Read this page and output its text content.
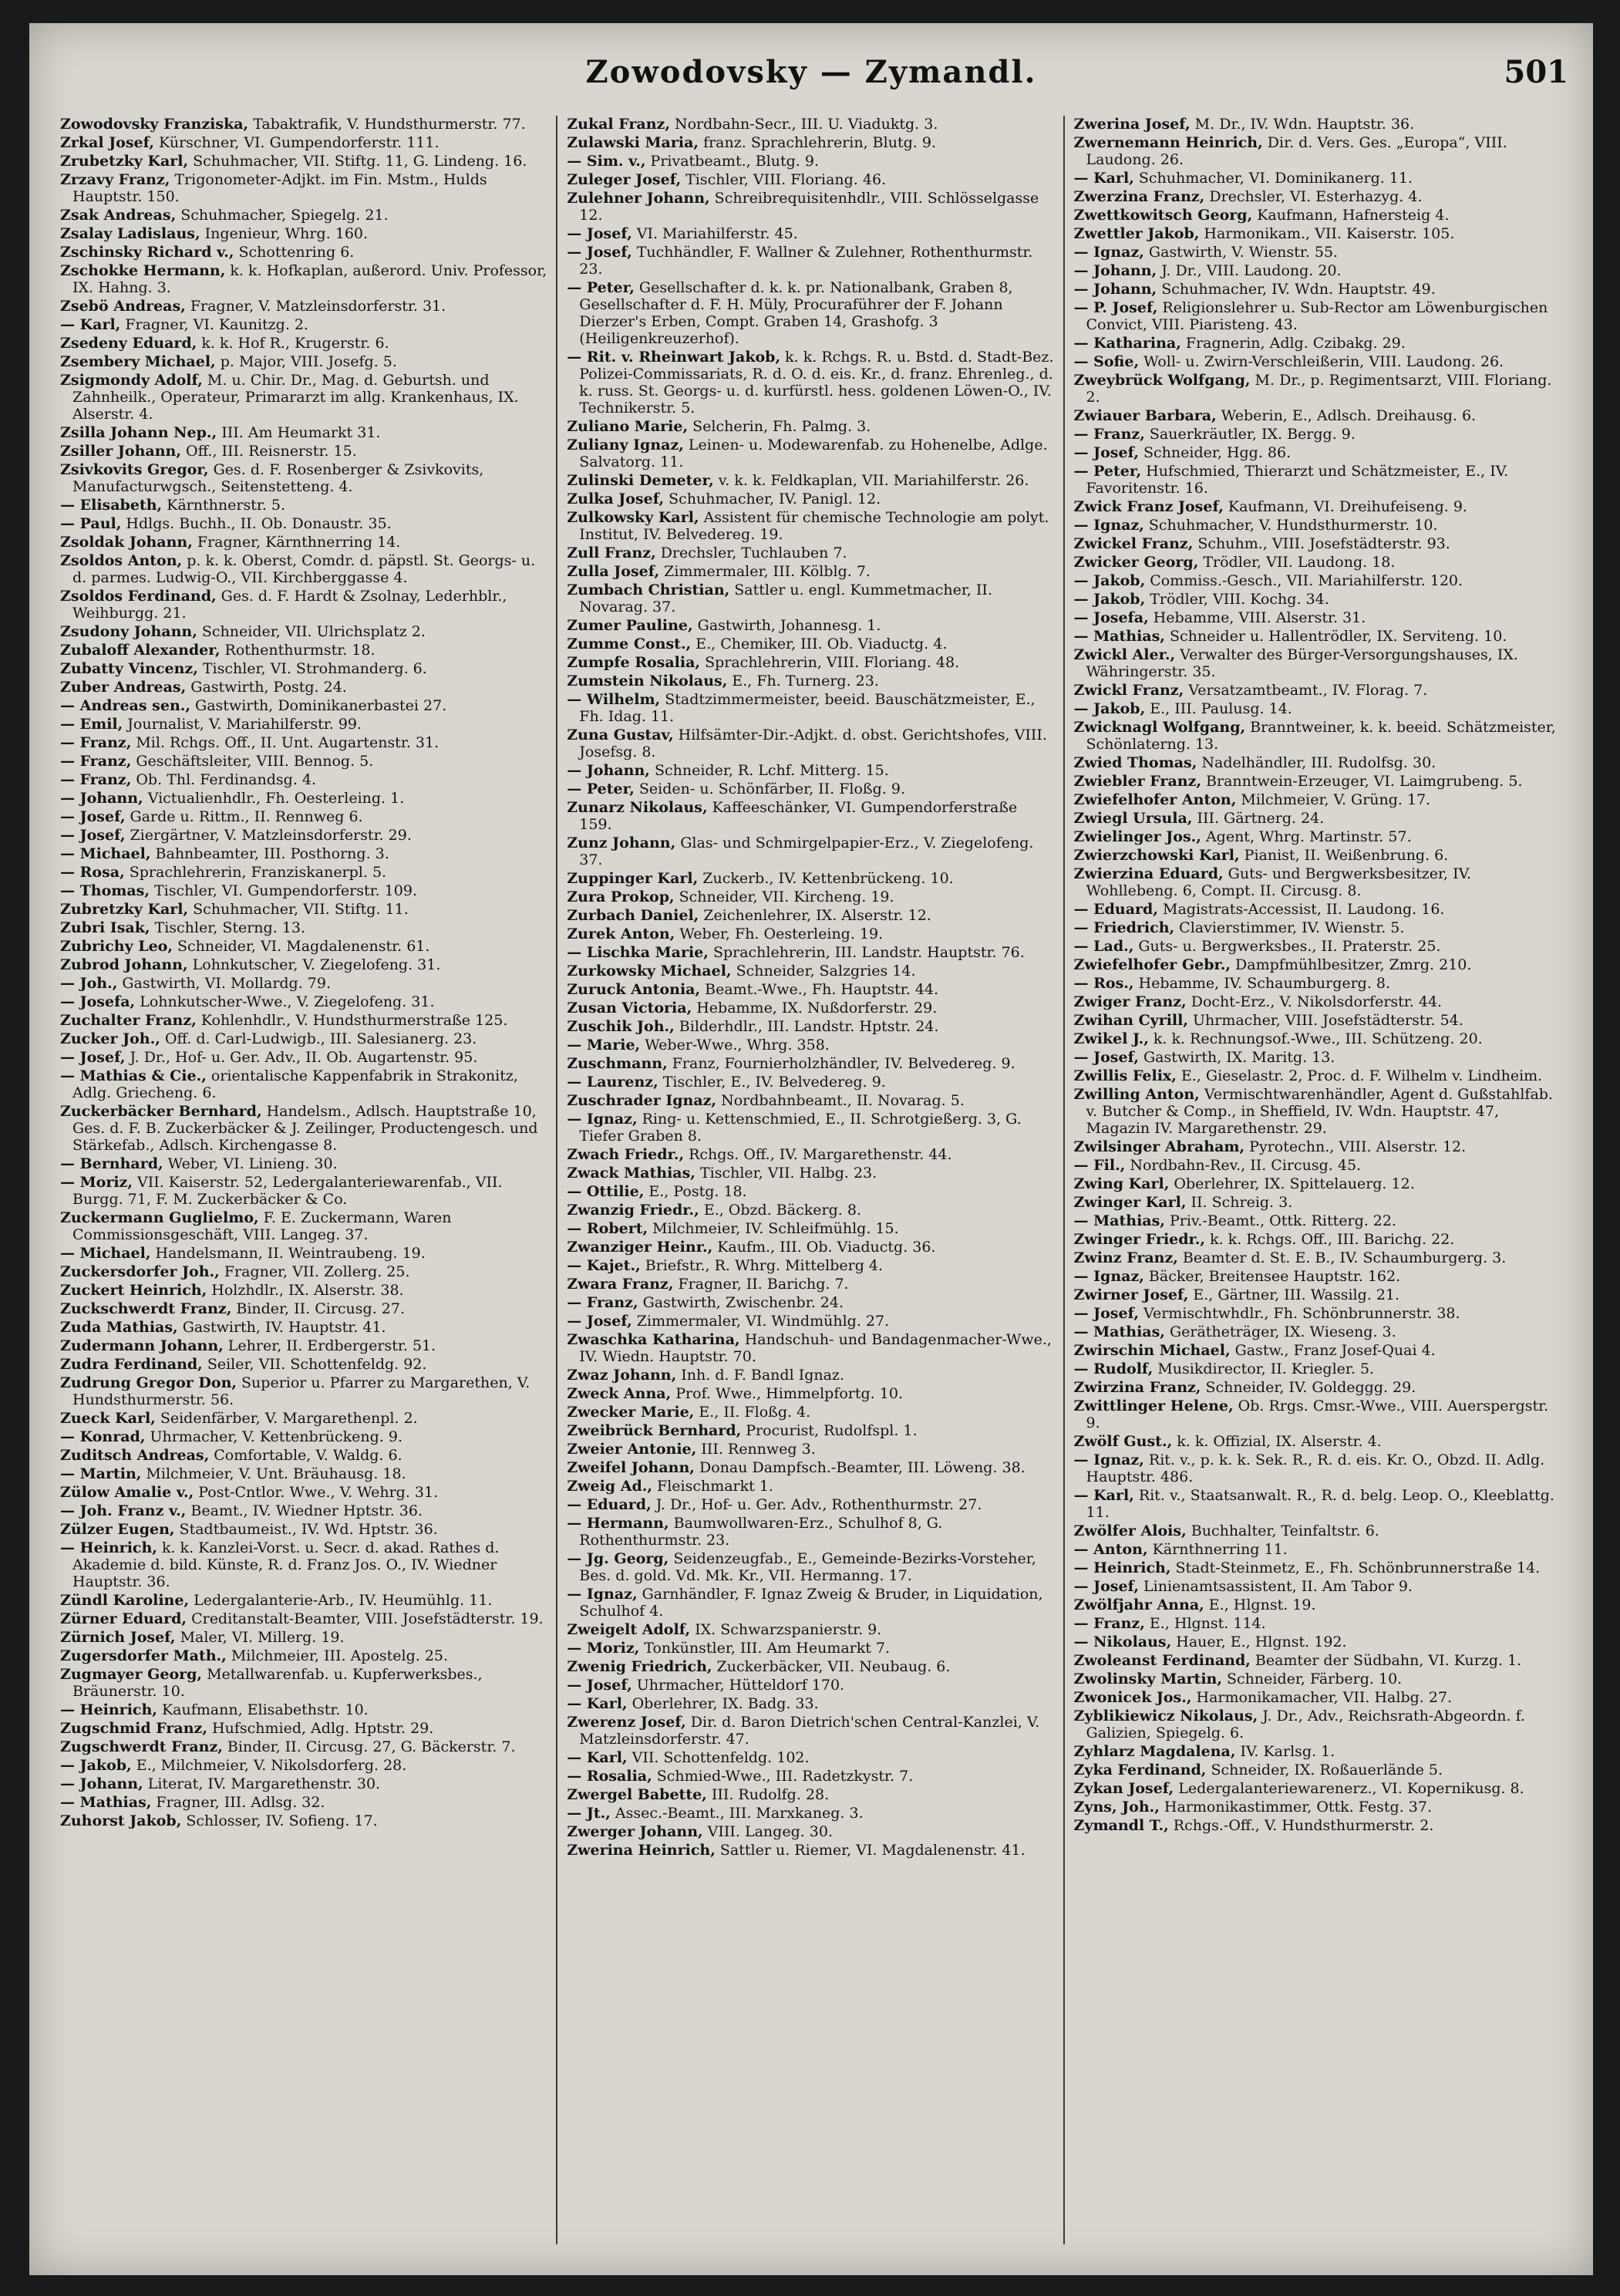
Zowodovsky — Zymandl.	501
Zowodovsky Franziska, Tabaktrafik, V. Hundsthurmerstr. 77.
Zrkal Josef, Kürschner, VI. Gumpendorferstr. 111.
Zrubetzky Karl, Schuhmacher, VII. Stiftg. 11, G. Lindeng. 16.
Zrzavy Franz, Trigonometer-Adjkt. im Fin. Mstm., Hulds Hauptstr. 150.
Zsak Andreas, Schuhmacher, Spiegelg. 21.
Zsalay Ladislaus, Ingenieur, Whrg. 160.
Zschinsky Richard v., Schottenring 6.
Zschokke Hermann, k. k. Hofkaplan, außerord. Univ. Professor, IX. Hahng. 3.
Zsebö Andreas, Fragner, V. Matzleinsdorferstr. 31.
— Karl, Fragner, VI. Kaunitzg. 2.
Zsedeny Eduard, k. k. Hof R., Krugerstr. 6.
Zsembery Michael, p. Major, VIII. Josefg. 5.
Zsigmondy Adolf, M. u. Chir. Dr., Mag. d. Geburtsh. und Zahnheilk., Operateur, Primararzt im allg. Krankenhaus, IX. Alserstr. 4.
Zsilla Johann Nep., III. Am Heumarkt 31.
Zsiller Johann, Off., III. Reisnerstr. 15.
Zsivkovits Gregor, Ges. d. F. Rosenberger & Zsivkovits, Manufacturwgsch., Seitenstetteng. 4.
— Elisabeth, Kärnthnerstr. 5.
— Paul, Hdlgs. Buchh., II. Ob. Donaustr. 35.
Zsoldak Johann, Fragner, Kärnthnerring 14.
Zsoldos Anton, p. k. k. Oberst, Comdr. d. päpstl. St. Georgs- u. d. parmes. Ludwig-O., VII. Kirchberggasse 4.
Zsoldos Ferdinand, Ges. d. F. Hardt & Zsolnay, Lederhblr., Weihburgg. 21.
Zsudony Johann, Schneider, VII. Ulrichsplatz 2.
Zubaloff Alexander, Rothenthurmstr. 18.
Zubatty Vincenz, Tischler, VI. Strohmanderg. 6.
Zuber Andreas, Gastwirth, Postg. 24.
— Andreas sen., Gastwirth, Dominikanerbastei 27.
— Emil, Journalist, V. Mariahilferstr. 99.
— Franz, Mil. Rchgs. Off., II. Unt. Augartenstr. 31.
— Franz, Geschäftsleiter, VIII. Bennog. 5.
— Franz, Ob. Thl. Ferdinandsg. 4.
— Johann, Victualienhdlr., Fh. Oesterleing. 1.
— Josef, Garde u. Rittm., II. Rennweg 6.
— Josef, Ziergärtner, V. Matzleinsdorferstr. 29.
— Michael, Bahnbeamter, III. Posthorng. 3.
— Rosa, Sprachlehrerin, Franziskanerpl. 5.
— Thomas, Tischler, VI. Gumpendorferstr. 109.
Zubretzky Karl, Schuhmacher, VII. Stiftg. 11.
Zubri Isak, Tischler, Sterng. 13.
Zubrichy Leo, Schneider, VI. Magdalenenstr. 61.
Zubrod Johann, Lohnkutscher, V. Ziegelofeng. 31.
— Joh., Gastwirth, VI. Mollardg. 79.
— Josefa, Lohnkutscher-Wwe., V. Ziegelofeng. 31.
Zuchalter Franz, Kohlenhdlr., V. Hundsthurmerstraße 125.
Zucker Joh., Off. d. Carl-Ludwigb., III. Salesianerg. 23.
— Josef, J. Dr., Hof- u. Ger. Adv., II. Ob. Augartenstr. 95.
— Mathias & Cie., orientalische Kappenfabrik in Strakonitz, Adlg. Griecheng. 6.
Zuckerbäcker Bernhard, Handelsm., Adlsch. Hauptstraße 10, Ges. d. F. B. Zuckerbäcker & J. Zeilinger, Productengesch. und Stärkefab., Adlsch. Kirchengasse 8.
— Bernhard, Weber, VI. Linieng. 30.
— Moriz, VII. Kaiserstr. 52, Ledergalanteriewarenfab., VII. Burgg. 71, F. M. Zuckerbäcker & Co.
Zuckermann Guglielmo, F. E. Zuckermann, Waren Commissionsgeschäft, VIII. Langeg. 37.
— Michael, Handelsmann, II. Weintraubeng. 19.
Zuckersdorfer Joh., Fragner, VII. Zollerg. 25.
Zuckert Heinrich, Holzhdlr., IX. Alserstr. 38.
Zuckschwerdt Franz, Binder, II. Circusg. 27.
Zuda Mathias, Gastwirth, IV. Hauptstr. 41.
Zudermann Johann, Lehrer, II. Erdbergerstr. 51.
Zudra Ferdinand, Seiler, VII. Schottenfeldg. 92.
Zudrung Gregor Don, Superior u. Pfarrer zu Margarethen, V. Hundsthurmerstr. 56.
Zueck Karl, Seidenfärber, V. Margarethenpl. 2.
— Konrad, Uhrmacher, V. Kettenbrückeng. 9.
Zuditsch Andreas, Comfortable, V. Waldg. 6.
— Martin, Milchmeier, V. Unt. Bräuhausg. 18.
Zülow Amalie v., Post-Cntlor. Wwe., V. Wehrg. 31.
— Joh. Franz v., Beamt., IV. Wiedner Hptstr. 36.
Zülzer Eugen, Stadtbaumeist., IV. Wd. Hptstr. 36.
— Heinrich, k. k. Kanzlei-Vorst. u. Secr. d. akad. Rathes d. Akademie d. bild. Künste, R. d. Franz Jos. O., IV. Wiedner Hauptstr. 36.
Zündl Karoline, Ledergalanterie-Arb., IV. Heumühlg. 11.
Zürner Eduard, Creditanstalt-Beamter, VIII. Josefstädterstr. 19.
Zürnich Josef, Maler, VI. Millerg. 19.
Zugersdorfer Math., Milchmeier, III. Apostelg. 25.
Zugmayer Georg, Metallwarenfab. u. Kupferwerksbes., Bräunerstr. 10.
— Heinrich, Kaufmann, Elisabethstr. 10.
Zugschmid Franz, Hufschmied, Adlg. Hptstr. 29.
Zugschwerdt Franz, Binder, II. Circusg. 27, G. Bäckerstr. 7.
— Jakob, E., Milchmeier, V. Nikolsdorferg. 28.
— Johann, Literat, IV. Margarethenstr. 30.
— Mathias, Fragner, III. Adlsg. 32.
Zuhorst Jakob, Schlosser, IV. Sofieng. 17.
Zukal Franz, Nordbahn-Secr., III. U. Viaduktg. 3.
Zulawski Maria, franz. Sprachlehrerin, Blutg. 9.
— Sim. v., Privatbeamt., Blutg. 9.
Zuleger Josef, Tischler, VIII. Floriang. 46.
Zulehner Johann, Schreibrequisitenhdlr., VIII. Schlösselgasse 12.
— Josef, VI. Mariahilferstr. 45.
— Josef, Tuchhändler, F. Wallner & Zulehner, Rothenthurmstr. 23.
— Peter, Gesellschafter d. k. k. pr. Nationalbank, Graben 8, Gesellschafter d. F. H. Müly, Procuraführer der F. Johann Dierzer's Erben, Compt. Graben 14, Grashofg. 3 (Heiligenkreuzerhof).
— Rit. v. Rheinwart Jakob, k. k. Rchgs. R. u. Bstd. d. Stadt-Bez. Polizei-Commissariats, R. d. O. d. eis. Kr., d. franz. Ehrenleg., d. k. russ. St. Georgs- u. d. kurfürstl. hess. goldenen Löwen-O., IV. Technikerstr. 5.
Zuliano Marie, Selcherin, Fh. Palmg. 3.
Zuliany Ignaz, Leinen- u. Modewarenfab. zu Hohenelbe, Adlge. Salvatorg. 11.
Zulinski Demeter, v. k. k. Feldkaplan, VII. Mariahilferstr. 26.
Zulka Josef, Schuhmacher, IV. Panigl. 12.
Zulkowsky Karl, Assistent für chemische Technologie am polyt. Institut, IV. Belvedereg. 19.
Zull Franz, Drechsler, Tuchlauben 7.
Zulla Josef, Zimmermaler, III. Kölblg. 7.
Zumbach Christian, Sattler u. engl. Kummetmacher, II. Novarag. 37.
Zumer Pauline, Gastwirth, Johannesg. 1.
Zumme Const., E., Chemiker, III. Ob. Viaductg. 4.
Zumpfe Rosalia, Sprachlehrerin, VIII. Floriang. 48.
Zumstein Nikolaus, E., Fh. Turnerg. 23.
— Wilhelm, Stadtzimmermeister, beeid. Bauschätzmeister, E., Fh. Idag. 11.
Zuna Gustav, Hilfsämter-Dir.-Adjkt. d. obst. Gerichtshofes, VIII. Josefsg. 8.
— Johann, Schneider, R. Lchf. Mitterg. 15.
— Peter, Seiden- u. Schönfärber, II. Floßg. 9.
Zunarz Nikolaus, Kaffeeschänker, VI. Gumpendorferstraße 159.
Zunz Johann, Glas- und Schmirgelpapier-Erz., V. Ziegelofeng. 37.
Zuppinger Karl, Zuckerb., IV. Kettenbrückeng. 10.
Zura Prokop, Schneider, VII. Kircheng. 19.
Zurbach Daniel, Zeichenlehrer, IX. Alserstr. 12.
Zurek Anton, Weber, Fh. Oesterleing. 19.
— Lischka Marie, Sprachlehrerin, III. Landstr. Hauptstr. 76.
Zurkowsky Michael, Schneider, Salzgries 14.
Zuruck Antonia, Beamt.-Wwe., Fh. Hauptstr. 44.
Zusan Victoria, Hebamme, IX. Nußdorferstr. 29.
Zuschik Joh., Bilderhdlr., III. Landstr. Hptstr. 24.
— Marie, Weber-Wwe., Whrg. 358.
Zuschmann, Franz, Fournierholzhändler, IV. Belvedereg. 9.
— Laurenz, Tischler, E., IV. Belvedereg. 9.
Zuschrader Ignaz, Nordbahnbeamt., II. Novarag. 5.
— Ignaz, Ring- u. Kettenschmied, E., II. Schrotgießerg. 3, G. Tiefer Graben 8.
Zwach Friedr., Rchgs. Off., IV. Margarethenstr. 44.
Zwack Mathias, Tischler, VII. Halbg. 23.
— Ottilie, E., Postg. 18.
Zwanzig Friedr., E., Obzd. Bäckerg. 8.
— Robert, Milchmeier, IV. Schleifmühlg. 15.
Zwanziger Heinr., Kaufm., III. Ob. Viaductg. 36.
— Kajet., Briefstr., R. Whrg. Mittelberg 4.
Zwara Franz, Fragner, II. Barichg. 7.
— Franz, Gastwirth, Zwischenbr. 24.
— Josef, Zimmermaler, VI. Windmühlg. 27.
Zwaschka Katharina, Handschuh- und Bandagenmacher-Wwe., IV. Wiedn. Hauptstr. 70.
Zwaz Johann, Inh. d. F. Bandl Ignaz.
Zweck Anna, Prof. Wwe., Himmelpfortg. 10.
Zwecker Marie, E., II. Floßg. 4.
Zweibrück Bernhard, Procurist, Rudolfspl. 1.
Zweier Antonie, III. Rennweg 3.
Zweifel Johann, Donau Dampfsch.-Beamter, III. Löweng. 38.
Zweig Ad., Fleischmarkt 1.
— Eduard, J. Dr., Hof- u. Ger. Adv., Rothenthurmstr. 27.
— Hermann, Baumwollwaren-Erz., Schulhof 8, G. Rothenthurmstr. 23.
— Jg. Georg, Seidenzeugfab., E., Gemeinde-Bezirks-Vorsteher, Bes. d. gold. Vd. Mk. Kr., VII. Hermanng. 17.
— Ignaz, Garnhändler, F. Ignaz Zweig & Bruder, in Liquidation, Schulhof 4.
Zweigelt Adolf, IX. Schwarzspanierstr. 9.
— Moriz, Tonkünstler, III. Am Heumarkt 7.
Zwenig Friedrich, Zuckerbäcker, VII. Neubaug. 6.
— Josef, Uhrmacher, Hütteldorf 170.
— Karl, Oberlehrer, IX. Badg. 33.
Zwerenz Josef, Dir. d. Baron Dietrich'schen Central-Kanzlei, V. Matzleinsdorferstr. 47.
— Karl, VII. Schottenfeldg. 102.
— Rosalia, Schmied-Wwe., III. Radetzkystr. 7.
Zwergel Babette, III. Rudolfg. 28.
— Jt., Assec.-Beamt., III. Marxkaneg. 3.
Zwerger Johann, VIII. Langeg. 30.
Zwerina Heinrich, Sattler u. Riemer, VI. Magdalenenstr. 41.
Zwerina Josef, M. Dr., IV. Wdn. Hauptstr. 36.
Zwernemann Heinrich, Dir. d. Vers. Ges. „Europa“, VIII. Laudong. 26.
— Karl, Schuhmacher, VI. Dominikanerg. 11.
Zwerzina Franz, Drechsler, VI. Esterhazyg. 4.
Zwettkowitsch Georg, Kaufmann, Hafnersteig 4.
Zwettler Jakob, Harmonikam., VII. Kaiserstr. 105.
— Ignaz, Gastwirth, V. Wienstr. 55.
— Johann, J. Dr., VIII. Laudong. 20.
— Johann, Schuhmacher, IV. Wdn. Hauptstr. 49.
— P. Josef, Religionslehrer u. Sub-Rector am Löwenburgischen Convict, VIII. Piaristeng. 43.
— Katharina, Fragnerin, Adlg. Czibakg. 29.
— Sofie, Woll- u. Zwirn-Verschleißerin, VIII. Laudong. 26.
Zweybrück Wolfgang, M. Dr., p. Regimentsarzt, VIII. Floriang. 2.
Zwiauer Barbara, Weberin, E., Adlsch. Dreihausg. 6.
— Franz, Sauerkräutler, IX. Bergg. 9.
— Josef, Schneider, Hgg. 86.
— Peter, Hufschmied, Thierarzt und Schätzmeister, E., IV. Favoritenstr. 16.
Zwick Franz Josef, Kaufmann, VI. Dreihufeiseng. 9.
— Ignaz, Schuhmacher, V. Hundsthurmerstr. 10.
Zwickel Franz, Schuhm., VIII. Josefstädterstr. 93.
Zwicker Georg, Trödler, VII. Laudong. 18.
— Jakob, Commiss.-Gesch., VII. Mariahilferstr. 120.
— Jakob, Trödler, VIII. Kochg. 34.
— Josefa, Hebamme, VIII. Alserstr. 31.
— Mathias, Schneider u. Hallentrödler, IX. Serviteng. 10.
Zwickl Aler., Verwalter des Bürger-Versorgungshauses, IX. Währingerstr. 35.
Zwickl Franz, Versatzamtbeamt., IV. Florag. 7.
— Jakob, E., III. Paulusg. 14.
Zwicknagl Wolfgang, Branntweiner, k. k. beeid. Schätzmeister, Schönlaterng. 13.
Zwied Thomas, Nadelhändler, III. Rudolfsg. 30.
Zwiebler Franz, Branntwein-Erzeuger, VI. Laimgrubeng. 5.
Zwiefelhofer Anton, Milchmeier, V. Grüng. 17.
Zwiegl Ursula, III. Gärtnerg. 24.
Zwielinger Jos., Agent, Whrg. Martinstr. 57.
Zwierzchowski Karl, Pianist, II. Weißenbrung. 6.
Zwierzina Eduard, Guts- und Bergwerksbesitzer, IV. Wohllebeng. 6, Compt. II. Circusg. 8.
— Eduard, Magistrats-Accessist, II. Laudong. 16.
— Friedrich, Clavierstimmer, IV. Wienstr. 5.
— Lad., Guts- u. Bergwerksbes., II. Praterstr. 25.
Zwiefelhofer Gebr., Dampfmühlbesitzer, Zmrg. 210.
— Ros., Hebamme, IV. Schaumburgerg. 8.
Zwiger Franz, Docht-Erz., V. Nikolsdorferstr. 44.
Zwihan Cyrill, Uhrmacher, VIII. Josefstädterstr. 54.
Zwikel J., k. k. Rechnungsof.-Wwe., III. Schützeng. 20.
— Josef, Gastwirth, IX. Maritg. 13.
Zwillis Felix, E., Gieselastr. 2, Proc. d. F. Wilhelm v. Lindheim.
Zwilling Anton, Vermischtwarenhändler, Agent d. Gußstahlfab. v. Butcher & Comp., in Sheffield, IV. Wdn. Hauptstr. 47, Magazin IV. Margarethenstr. 29.
Zwilsinger Abraham, Pyrotechn., VIII. Alserstr. 12.
— Fil., Nordbahn-Rev., II. Circusg. 45.
Zwing Karl, Oberlehrer, IX. Spittelauerg. 12.
Zwinger Karl, II. Schreig. 3.
— Mathias, Priv.-Beamt., Ottk. Ritterg. 22.
Zwinger Friedr., k. k. Rchgs. Off., III. Barichg. 22.
Zwinz Franz, Beamter d. St. E. B., IV. Schaumburgerg. 3.
— Ignaz, Bäcker, Breitensee Hauptstr. 162.
Zwirner Josef, E., Gärtner, III. Wassilg. 21.
— Josef, Vermischtwhdlr., Fh. Schönbrunnerstr. 38.
— Mathias, Gerätheträger, IX. Wieseng. 3.
Zwirschin Michael, Gastw., Franz Josef-Quai 4.
— Rudolf, Musikdirector, II. Kriegler. 5.
Zwirzina Franz, Schneider, IV. Goldeggg. 29.
Zwittlinger Helene, Ob. Rrgs. Cmsr.-Wwe., VIII. Auerspergstr. 9.
Zwölf Gust., k. k. Offizial, IX. Alserstr. 4.
— Ignaz, Rit. v., p. k. k. Sek. R., R. d. eis. Kr. O., Obzd. II. Adlg. Hauptstr. 486.
— Karl, Rit. v., Staatsanwalt. R., R. d. belg. Leop. O., Kleeblattg. 11.
Zwölfer Alois, Buchhalter, Teinfaltstr. 6.
— Anton, Kärnthnerring 11.
— Heinrich, Stadt-Steinmetz, E., Fh. Schönbrunnerstraße 14.
— Josef, Linienamtsassistent, II. Am Tabor 9.
Zwölfjahr Anna, E., Hlgnst. 19.
— Franz, E., Hlgnst. 114.
— Nikolaus, Hauer, E., Hlgnst. 192.
Zwoleanst Ferdinand, Beamter der Südbahn, VI. Kurzg. 1.
Zwolinsky Martin, Schneider, Färberg. 10.
Zwonicek Jos., Harmonikamacher, VII. Halbg. 27.
Zyblikiewicz Nikolaus, J. Dr., Adv., Reichsrath-Abgeordn. f. Galizien, Spiegelg. 6.
Zyhlarz Magdalena, IV. Karlsg. 1.
Zyka Ferdinand, Schneider, IX. Roßauerlände 5.
Zykan Josef, Ledergalanteriewarenerz., VI. Kopernikusg. 8.
Zyns, Joh., Harmonikastimmer, Ottk. Festg. 37.
Zymandl T., Rchgs.-Off., V. Hundsthurmerstr. 2.
